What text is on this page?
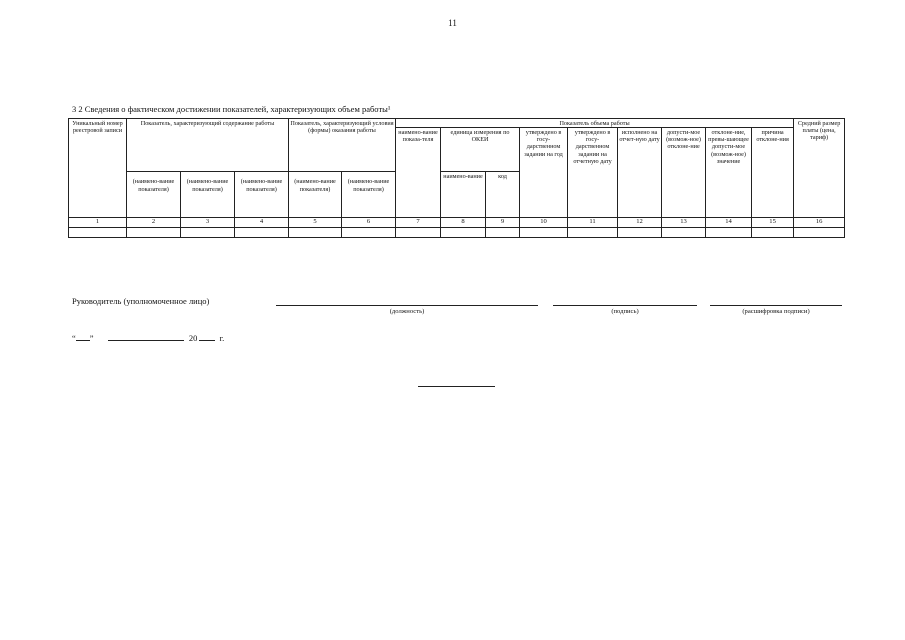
11
3 2 Сведения о фактическом достижении показателей, характеризующих объем работы¹
Уникальный номер реестровой записи	Показатель, характеризующий содержание работы			Показатель, характеризующий условия (формы) оказания работы		Показатель объема работы									Средний размер платы (цена, тариф)
						наимено-вание показа-теля	единица измерения по ОКЕИ		утверждено в госу-дарственном задании на год	утверждено в госу-дарственном задании на отчетную дату	исполнено на отчет-ную дату	допусти-мое (возмож-ное) отклоне-ние	отклоне-ние, превы-шающее допусти-мое (возмож-ное) значение	причина отклоне-ния	
	(наимено-вание показателя)	(наимено-вание показателя)	(наимено-вание показателя)	(наимено-вание показателя)	(наимено-вание показателя)		наимено-вание	код							
1	2	3	4	5	6	7	8	9	10	11	12	13	14	15	16

Руководитель (уполномоченное лицо)
(должность)	(подпись)	(расшифровка подписи)
“ ”	20	г.
